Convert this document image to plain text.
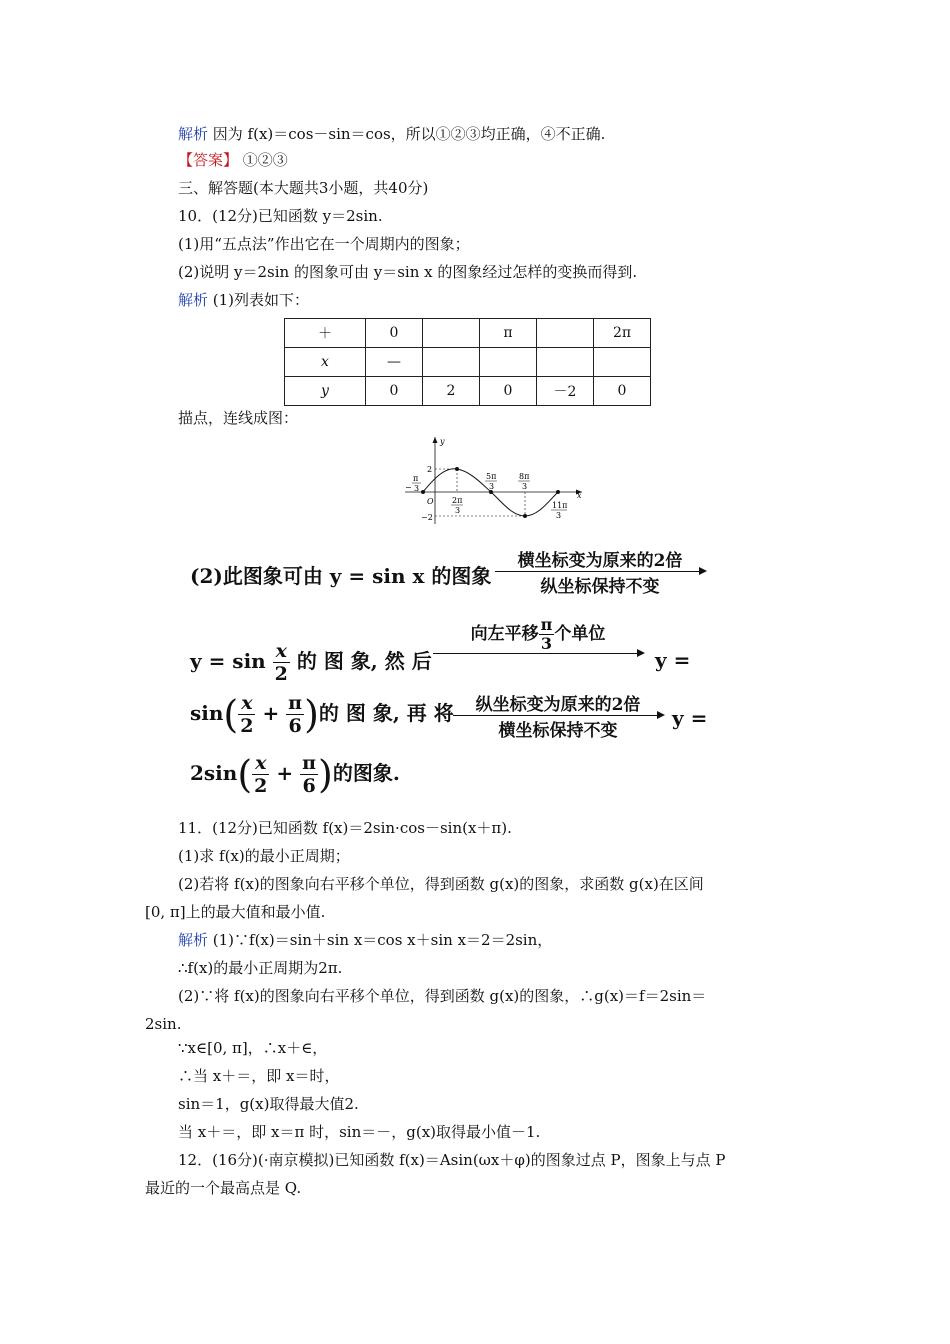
解析 因为 f(x)＝cos－sin＝cos，所以①②③均正确，④不正确.
【答案】 ①②③
三、解答题(本大题共3小题，共40分)
10．(12分)已知函数 y＝2sin.
(1)用“五点法”作出它在一个周期内的图象；
(2)说明 y＝2sin 的图象可由 y＝sin x 的图象经过怎样的变换而得到.
解析 (1)列表如下：
＋	0		π		2π
x	—				
y	0	2	0	－2	0
描点，连线成图：
y
x
O
2
−2
−
π
3
2π
3
5π
3
8π
3
11π
3
(2)此图象可由 y = sin x 的图象
横坐标变为原来的2倍
纵坐标保持不变
$y = \sin \frac{x}{2}$ 的 图 象, 然 后
向左平移 $\frac{\pi}{3}$ 个单位
y =
$\sin( \frac{x}{2} + \frac{\pi}{6}$ )的 图 象, 再 将	纵坐标变为原来的2倍
横坐标保持不变
y =
$2\sin( \frac{x}{2} + \frac{\pi}{6}$ )的图象.
11．(12分)已知函数 f(x)＝2sin·cos－sin(x＋π).
(1)求 f(x)的最小正周期；
(2)若将 f(x)的图象向右平移个单位，得到函数 g(x)的图象，求函数 g(x)在区间
[0, π]上的最大值和最小值.
解析 (1)∵f(x)＝sin＋sin x＝cos x＋sin x＝2＝2sin，
∴f(x)的最小正周期为2π.
(2)∵将 f(x)的图象向右平移个单位，得到函数 g(x)的图象，∴g(x)＝f＝2sin＝
2sin.
∵x∈[0, π]，∴x＋∈，
∴当 x＋＝，即 x＝时，
sin＝1，g(x)取得最大值2.
当 x＋＝，即 x＝π 时，sin＝－，g(x)取得最小值－1.
12．(16分)(·南京模拟)已知函数 f(x)＝Asin(ωx＋φ)的图象过点 P，图象上与点 P
最近的一个最高点是 Q.
